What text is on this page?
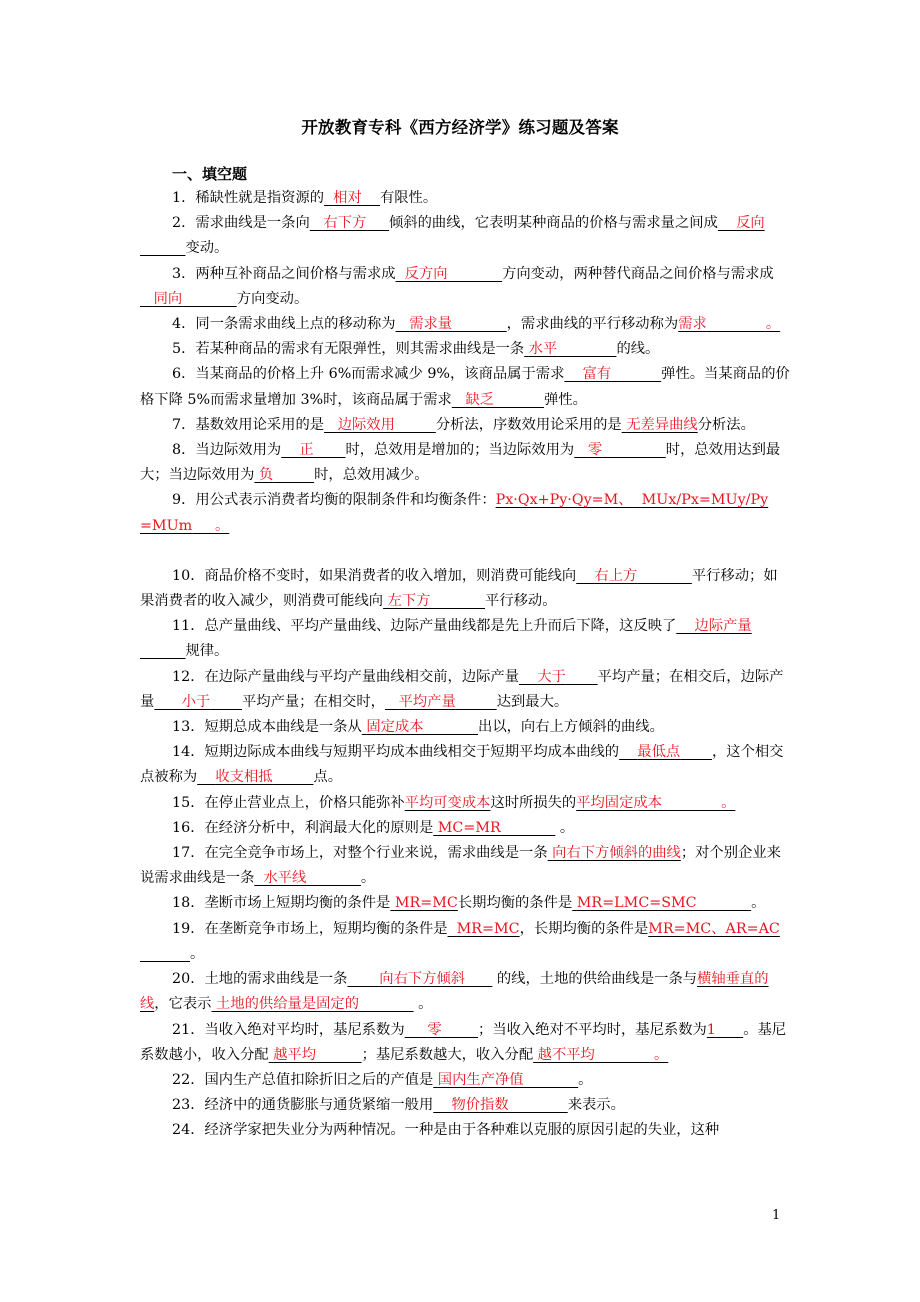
开放教育专科《西方经济学》练习题及答案
一、填空题

1．稀缺性就是指资源的 相对 有限性。

2．需求曲线是一条向 右下方 倾斜的曲线，它表明某种商品的价格与需求量之间成 反向          变动。

3．两种互补商品之间价格与需求成 反方向	方向变动，两种替代商品之间价格与需求成   同向	方向变动。

4．同一条需求曲线上点的移动称为 需求量	，需求曲线的平行移动称为需求	。

5．若某种商品的需求有无限弹性，则其需求曲线是一条 水平	的线。

6．当某商品的价格上升 6%而需求减少 9%，该商品属于需求 富有	弹性。当某商品的价格下降 5%而需求量增加 3%时，该商品属于需求 缺乏	弹性。

7．基数效用论采用的是 边际效用	分析法，序数效用论采用的是 无差异曲线分析法。

8．当边际效用为 正 时，总效用是增加的；当边际效用为 零	时，总效用达到最大；当边际效用为 负	时，总效用减少。

9．用公式表示消费者均衡的限制条件和均衡条件：Px·Qx+Py·Qy=M、 MUx/Px=MUy/Py =MUm 。

10．商品价格不变时，如果消费者的收入增加，则消费可能线向 右上方	平行移动；如果消费者的收入减少，则消费可能线向 左下方	平行移动。

11．总产量曲线、平均产量曲线、边际产量曲线都是先上升而后下降，这反映了 边际产量          规律。

12．在边际产量曲线与平均产量曲线相交前，边际产量 大于 平均产量；在相交后，边际产量 小于 平均产量；在相交时， 平均产量	达到最大。

13．短期总成本曲线是一条从 固定成本	出以，向右上方倾斜的曲线。

14．短期边际成本曲线与短期平均成本曲线相交于短期平均成本曲线的 最低点 ，这个相交点被称为 收支相抵	点。

15．在停止营业点上，价格只能弥补平均可变成本这时所损失的平均固定成本	。

16．在经济分析中，利润最大化的原则是 MC=MR	。

17．在完全竞争市场上，对整个行业来说，需求曲线是一条 向右下方倾斜的曲线；对个别企业来说需求曲线是一条 水平线	。

18．垄断市场上短期均衡的条件是 MR=MC长期均衡的条件是 MR=LMC=SMC	。

19．在垄断竞争市场上，短期均衡的条件是 MR=MC，长期均衡的条件是MR=MC、AR=AC           。

20．土地的需求曲线是一条 向右下方倾斜       的线，土地的供给曲线是一条与横轴垂直的线，它表示 土地的供给量是固定的	。

21．当收入绝对平均时，基尼系数为 零	；当收入绝对不平均时，基尼系数为1 。基尼系数越小，收入分配 越平均	；基尼系数越大，收入分配 越不平均	。

22．国内生产总值扣除折旧之后的产值是 国内生产净值	。

23．经济中的通货膨胀与通货紧缩一般用 物价指数	来表示。

24．经济学家把失业分为两种情况。一种是由于各种难以克服的原因引起的失业，这种

1
